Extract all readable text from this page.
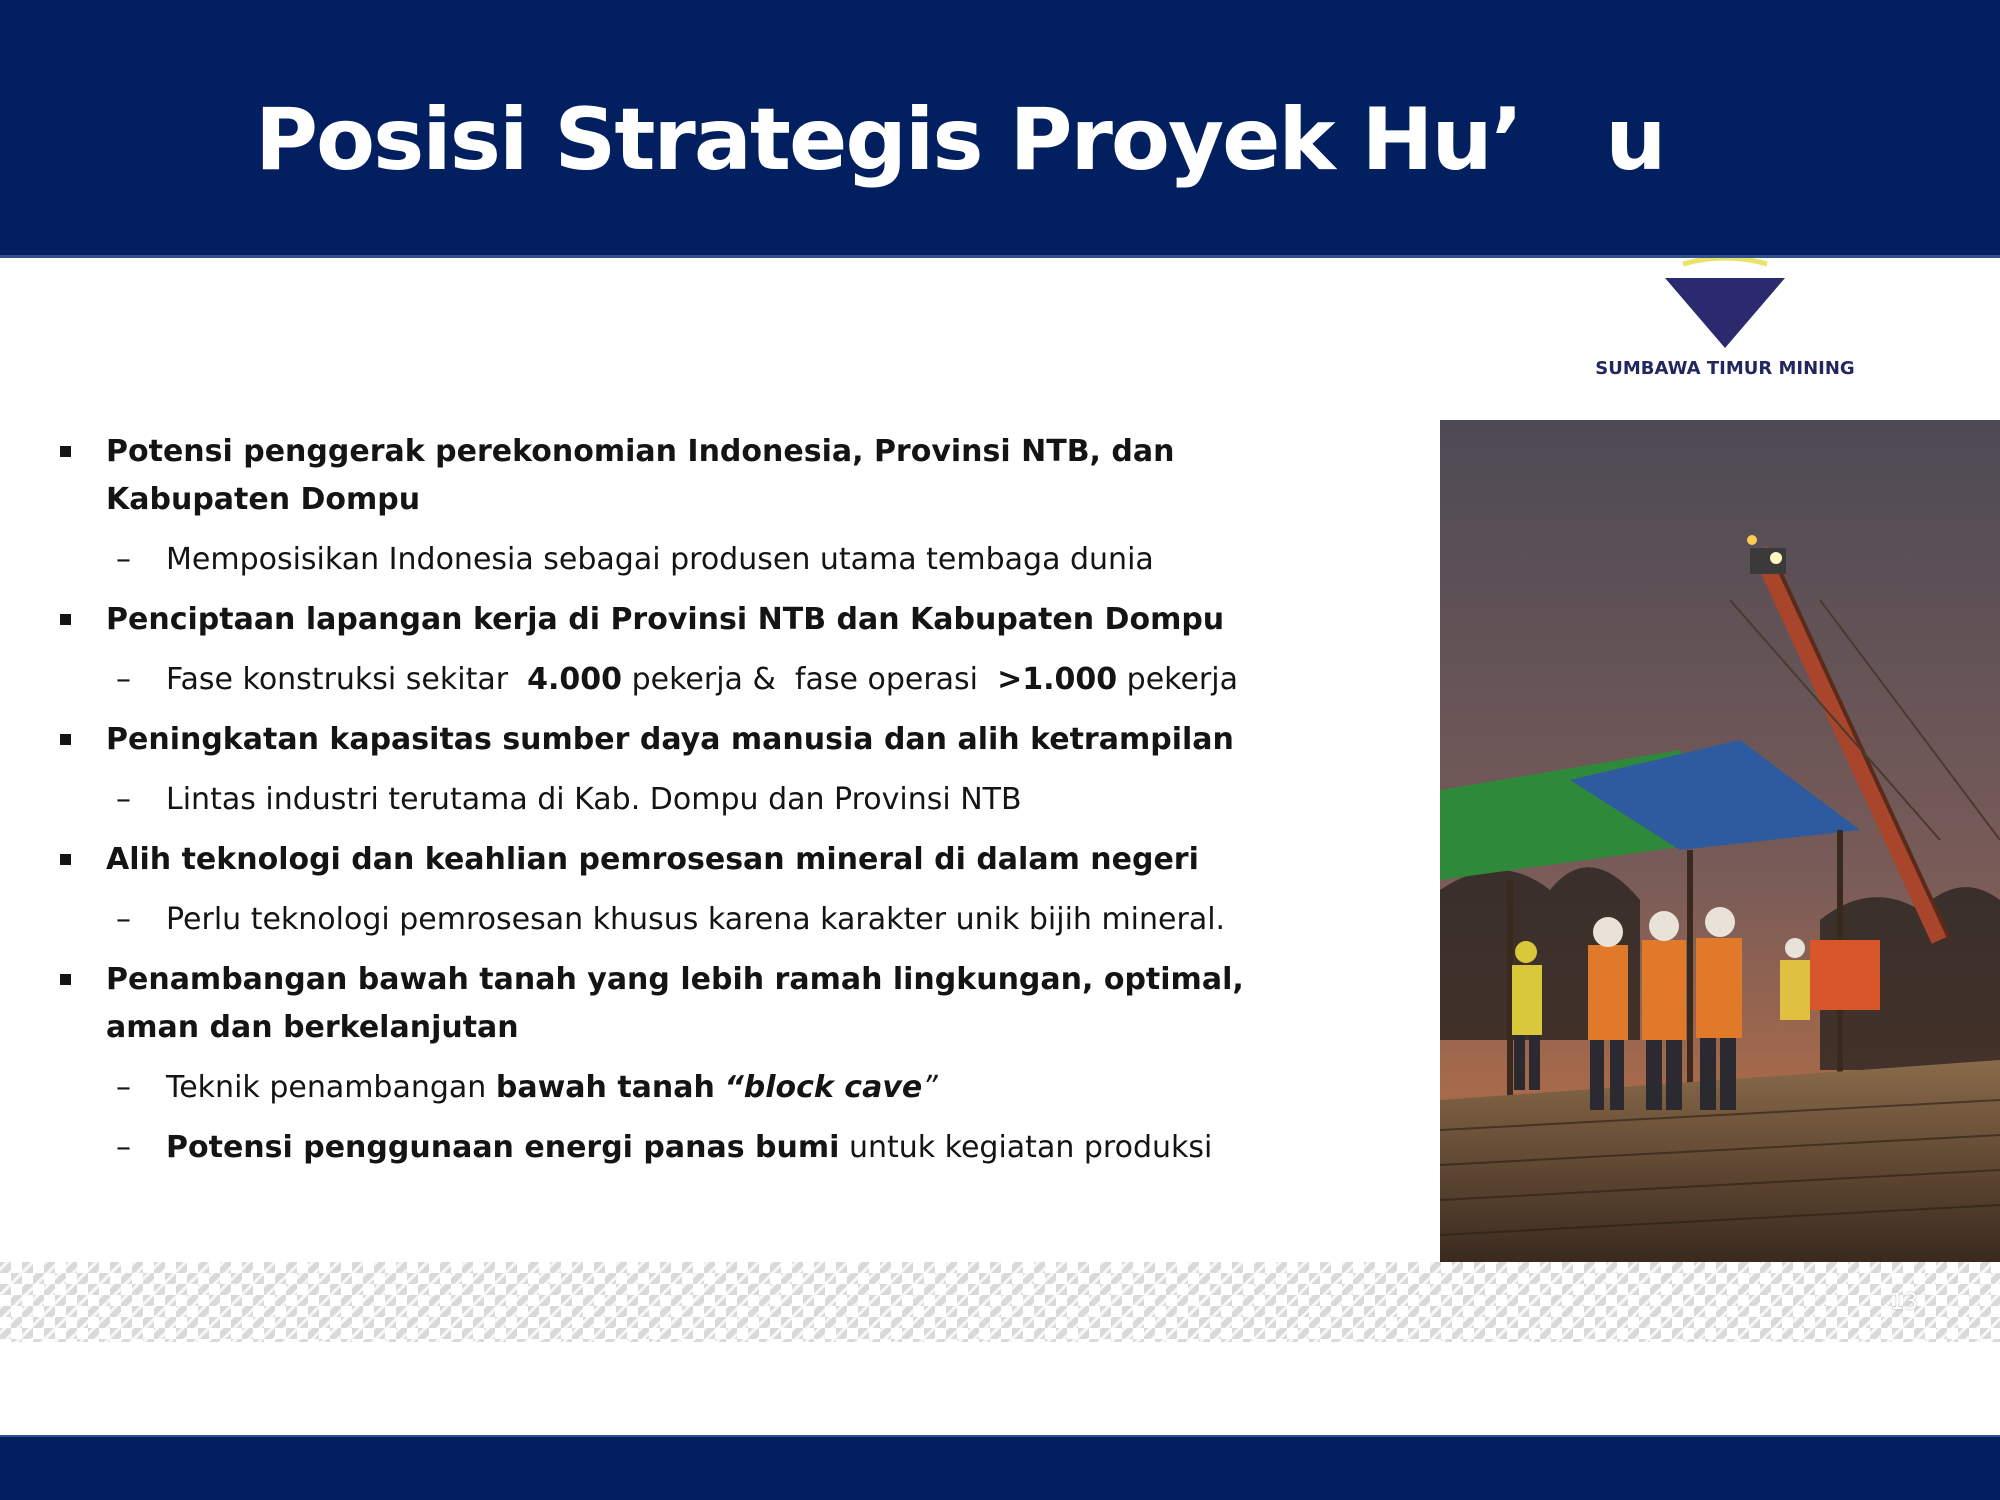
Posisi Strategis Proyek Hu’   u
SUMBAWA TIMUR MINING
Potensi penggerak perekonomian Indonesia, Provinsi NTB, dan Kabupaten Dompu
– Memposisikan Indonesia sebagai produsen utama tembaga dunia
Penciptaan lapangan kerja di Provinsi NTB dan Kabupaten Dompu
– Fase konstruksi sekitar  4.000 pekerja &  fase operasi  >1.000 pekerja
Peningkatan kapasitas sumber daya manusia dan alih ketrampilan
– Lintas industri terutama di Kab. Dompu dan Provinsi NTB
Alih teknologi dan keahlian pemrosesan mineral di dalam negeri
– Perlu teknologi pemrosesan khusus karena karakter unik bijih mineral.
Penambangan bawah tanah yang lebih ramah lingkungan, optimal, aman dan berkelanjutan
– Teknik penambangan bawah tanah “block cave”
– Potensi penggunaan energi panas bumi untuk kegiatan produksi
13
